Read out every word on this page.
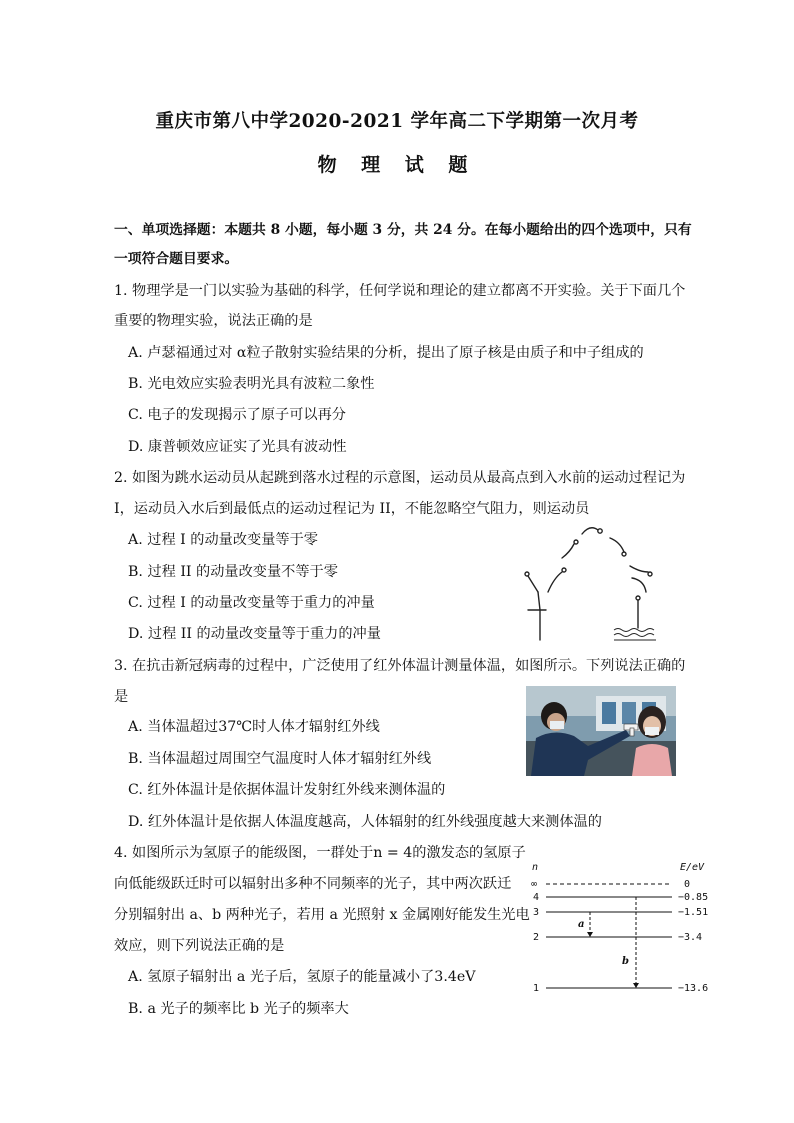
重庆市第八中学2020-2021 学年高二下学期第一次月考
物 理 试 题
一、单项选择题：本题共 8 小题，每小题 3 分，共 24 分。在每小题给出的四个选项中，只有
一项符合题目要求。
1. 物理学是一门以实验为基础的科学，任何学说和理论的建立都离不开实验。关于下面几个
重要的物理实验，说法正确的是
A. 卢瑟福通过对 α粒子散射实验结果的分析，提出了原子核是由质子和中子组成的
B. 光电效应实验表明光具有波粒二象性
C. 电子的发现揭示了原子可以再分
D. 康普顿效应证实了光具有波动性
2. 如图为跳水运动员从起跳到落水过程的示意图，运动员从最高点到入水前的运动过程记为
I，运动员入水后到最低点的运动过程记为 II，不能忽略空气阻力，则运动员
A. 过程 I 的动量改变量等于零
B. 过程 II 的动量改变量不等于零
C. 过程 I 的动量改变量等于重力的冲量
D. 过程 II 的动量改变量等于重力的冲量
3. 在抗击新冠病毒的过程中，广泛使用了红外体温计测量体温，如图所示。下列说法正确的
是
A. 当体温超过37℃时人体才辐射红外线
B. 当体温超过周围空气温度时人体才辐射红外线
C. 红外体温计是依据体温计发射红外线来测体温的
D. 红外体温计是依据人体温度越高，人体辐射的红外线强度越大来测体温的
4. 如图所示为氢原子的能级图，一群处于n = 4的激发态的氢原子
向低能级跃迁时可以辐射出多种不同频率的光子，其中两次跃迁
分别辐射出 a、b 两种光子，若用 a 光照射 x 金属刚好能发生光电
效应，则下列说法正确的是
A. 氢原子辐射出 a 光子后，氢原子的能量减小了3.4eV
B. a 光子的频率比 b 光子的频率大
n	E/eV
∞	0
4	−0.85
3	−1.51
2	−3.4
1	−13.6
a
b
